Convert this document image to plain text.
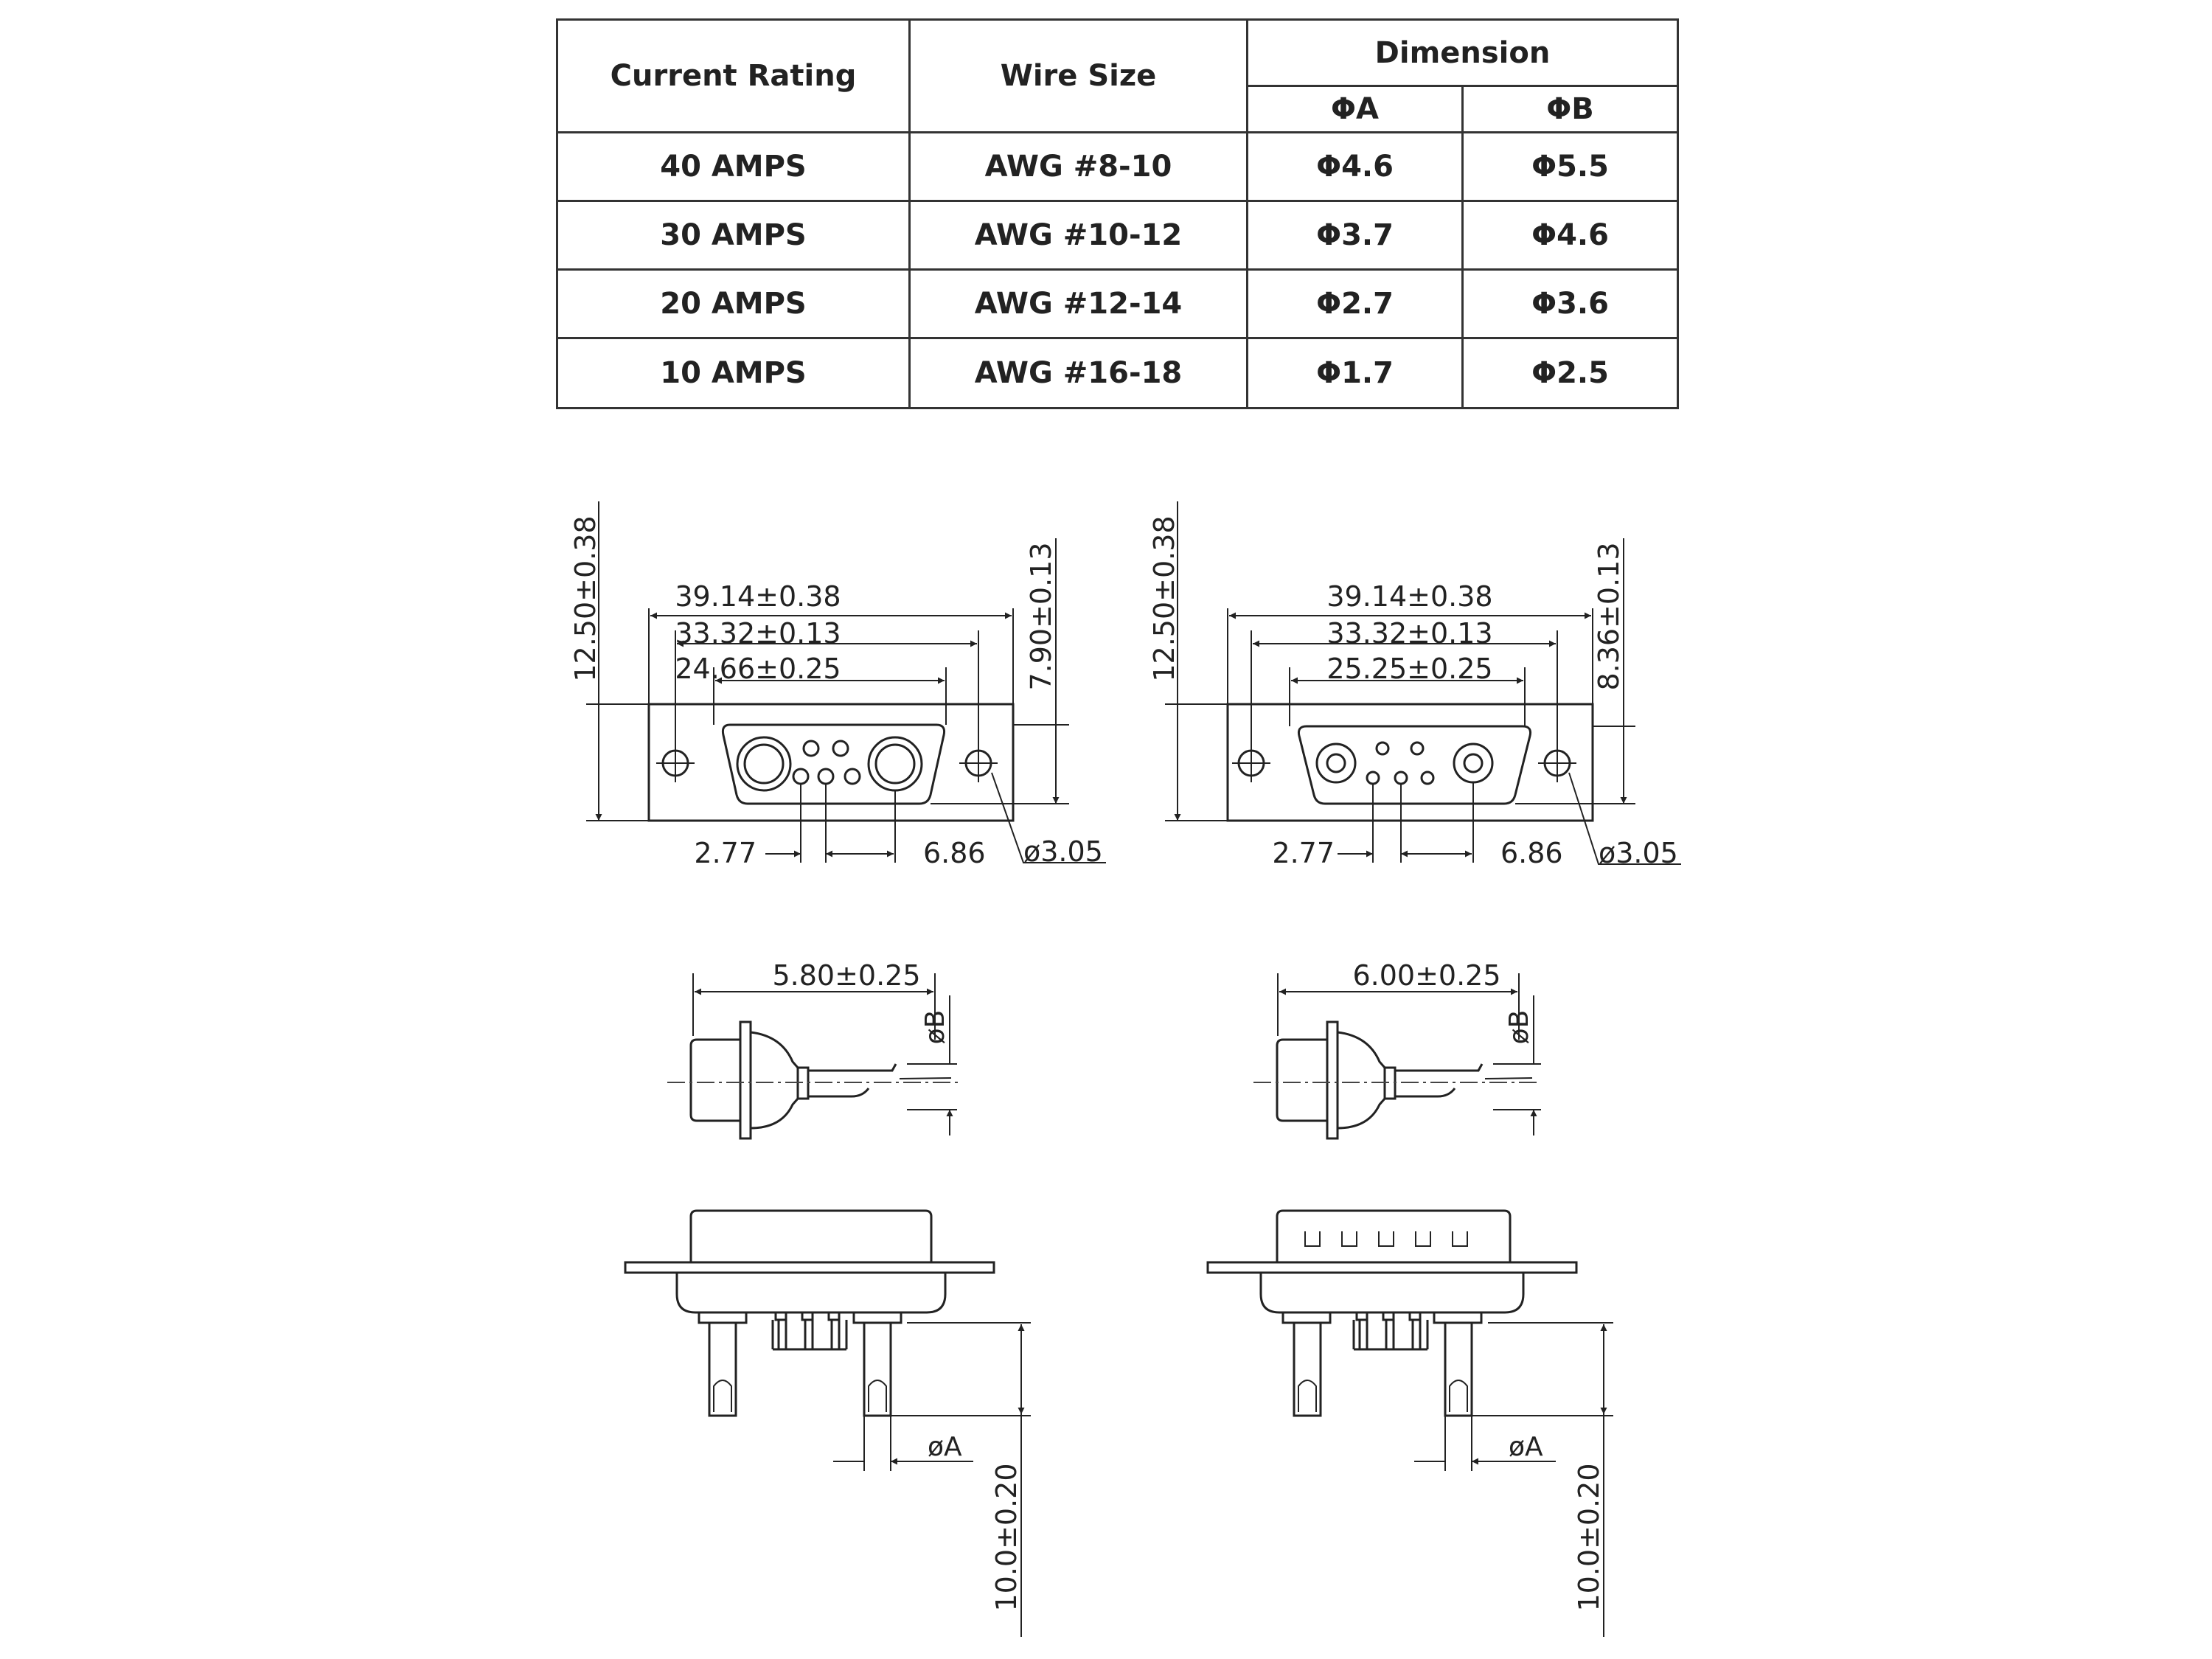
Current Rating	Wire Size	Dimension	
		ΦA	ΦB
40 AMPS	AWG #8-10	Φ4.6	Φ5.5
30 AMPS	AWG #10-12	Φ3.7	Φ4.6
20 AMPS	AWG #12-14	Φ2.7	Φ3.6
10 AMPS	AWG #16-18	Φ1.7	Φ2.5
39.14±0.38
33.32±0.13
24.66±0.25
2.77	6.86 ø3.05
12.50±0.38	7.90±0.13	39.14±0.38
33.32±0.13
25.25±0.25
2.77	6.86 ø3.05
12.50±0.38	8.36±0.13
5.80±0.25
øB
6.00±0.25
øB
øA
10.0±0.20
øA
10.0±0.20
